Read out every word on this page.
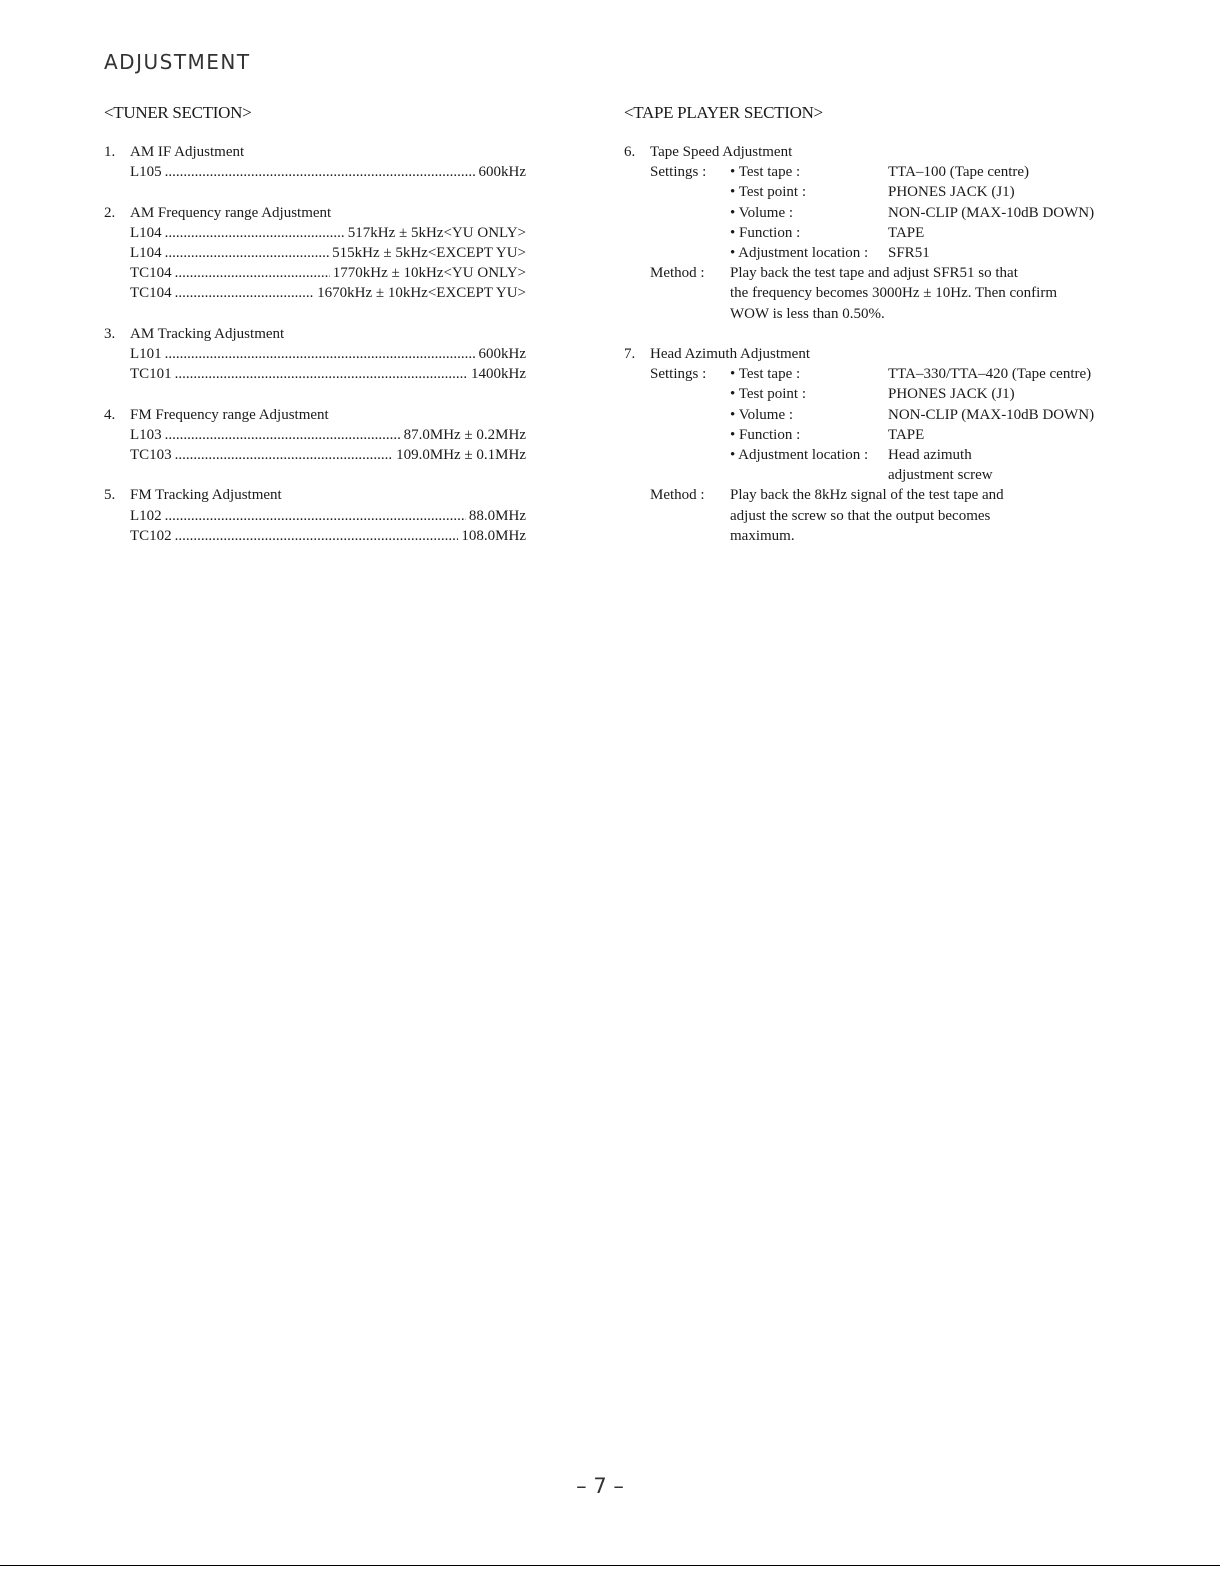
ADJUSTMENT
<TUNER SECTION>	<TAPE PLAYER SECTION>
1. AM IF Adjustment
L105 .....	600kHz
2. AM Frequency range Adjustment
L104 .....	517kHz ± 5kHz<YU ONLY>
L104 .....	515kHz ± 5kHz<EXCEPT YU>
TC104 .....	1770kHz ± 10kHz<YU ONLY>
TC104 .....	1670kHz ± 10kHz<EXCEPT YU>
3. AM Tracking Adjustment
L101 .....	600kHz
TC101 .....	1400kHz
4. FM Frequency range Adjustment
L103 .....	87.0MHz ± 0.2MHz
TC103 .....	109.0MHz ± 0.1MHz
5. FM Tracking Adjustment
L102 .....	88.0MHz
TC102 .....	108.0MHz
6. Tape Speed Adjustment
Settings :	• Test tape :	TTA–100 (Tape centre)
• Test point :	PHONES JACK (J1)
• Volume :	NON-CLIP (MAX-10dB DOWN)
• Function :	TAPE
• Adjustment location :	SFR51
Method :	Play back the test tape and adjust SFR51 so that
the frequency becomes 3000Hz ± 10Hz. Then confirm
WOW is less than 0.50%.
7. Head Azimuth Adjustment
Settings :	• Test tape :	TTA–330/TTA–420 (Tape centre)
• Test point :	PHONES JACK (J1)
• Volume :	NON-CLIP (MAX-10dB DOWN)
• Function :	TAPE
• Adjustment location :	Head azimuth
adjustment screw
Method :	Play back the 8kHz signal of the test tape and
adjust the screw so that the output becomes
maximum.
– 7 –
